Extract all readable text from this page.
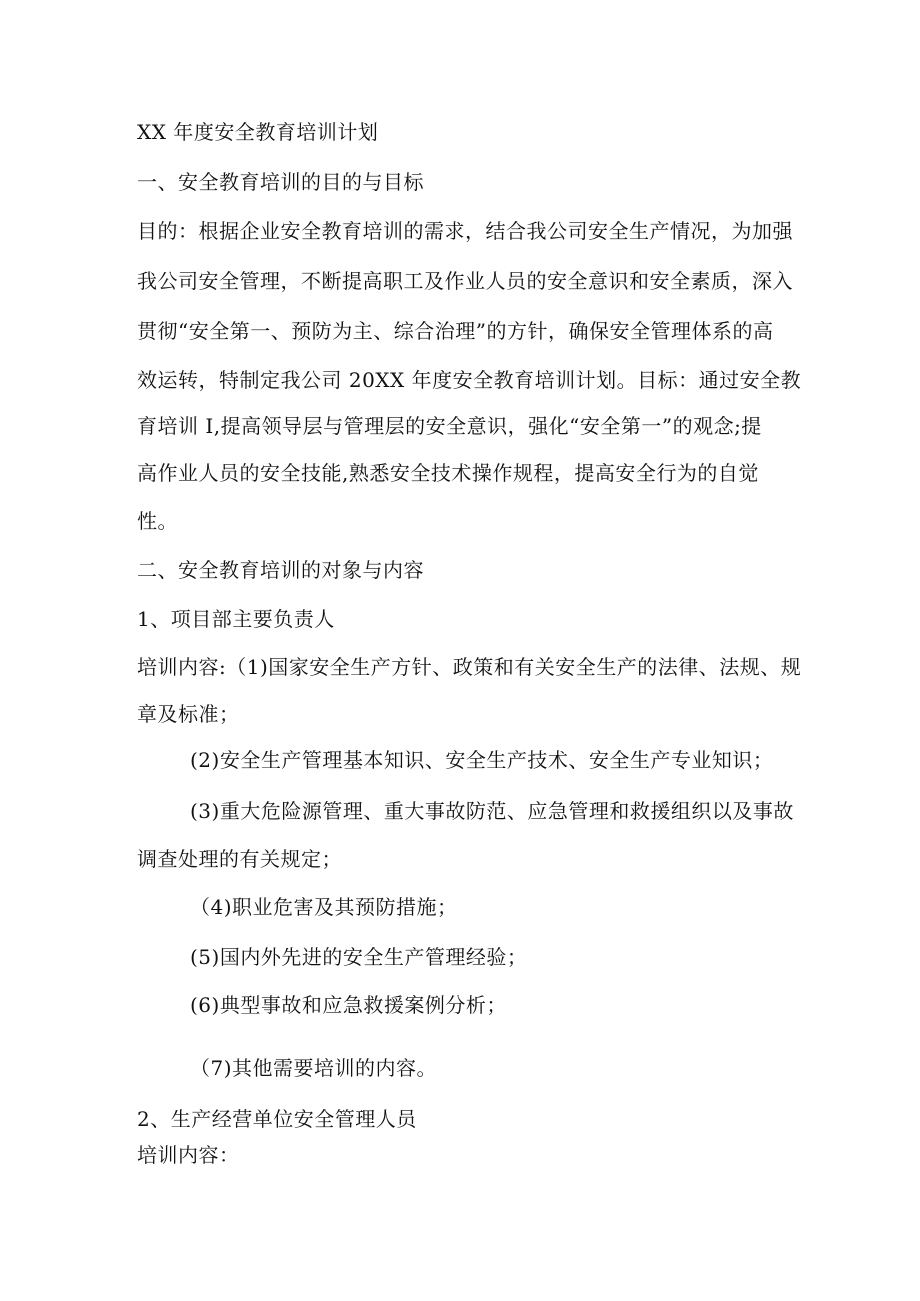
XX 年度安全教育培训计划
一、安全教育培训的目的与目标
目的：根据企业安全教育培训的需求，结合我公司安全生产情况，为加强
我公司安全管理，不断提高职工及作业人员的安全意识和安全素质，深入
贯彻“安全第一、预防为主、综合治理”的方针，确保安全管理体系的高
效运转，特制定我公司 20XX 年度安全教育培训计划。目标：通过安全教
育培训 I,提高领导层与管理层的安全意识，强化“安全第一”的观念;提
高作业人员的安全技能,熟悉安全技术操作规程，提高安全行为的自觉
性。
二、安全教育培训的对象与内容
1、项目部主要负责人
培训内容:（1)国家安全生产方针、政策和有关安全生产的法律、法规、规
章及标准；
(2)安全生产管理基本知识、安全生产技术、安全生产专业知识；
(3)重大危险源管理、重大事故防范、应急管理和救援组织以及事故
调查处理的有关规定；
（4)职业危害及其预防措施；
(5)国内外先进的安全生产管理经验；
(6)典型事故和应急救援案例分析；
（7)其他需要培训的内容。
2、生产经营单位安全管理人员
培训内容：
